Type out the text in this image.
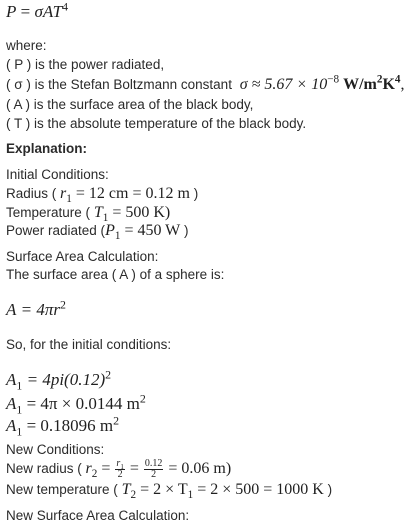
P = σAT$^4$
where:
( P ) is the power radiated,
( σ ) is the Stefan Boltzmann constant $\sigma \approx 5.67 \times 10^{-8}$ $W/m^2K^4$,
( A ) is the surface area of the black body,
( T ) is the absolute temperature of the black body.
Explanation:
Initial Conditions:
Radius ( $r_1 = 12$ cm = 0.12 m )
Temperature ( $T_1 = 500$ K)
Power radiated ($P_1 = 450$ W )
Surface Area Calculation:
The surface area ( A ) of a sphere is:
$A = 4\pi r^2$
So, for the initial conditions:
$A_1 = 4pi(0.12)^2$
$A_1 = 4\pi \times 0.0144$ $m^2$
$A_1 = 0.18096$ $m^2$
New Conditions:
New radius ( $r_2 = \frac{r_1}{2} = \frac{0.12}{2} = 0.06$ m)
New temperature ( $T_2 = 2 \times T_1 = 2 \times 500 = 1000$ K )
New Surface Area Calculation:
